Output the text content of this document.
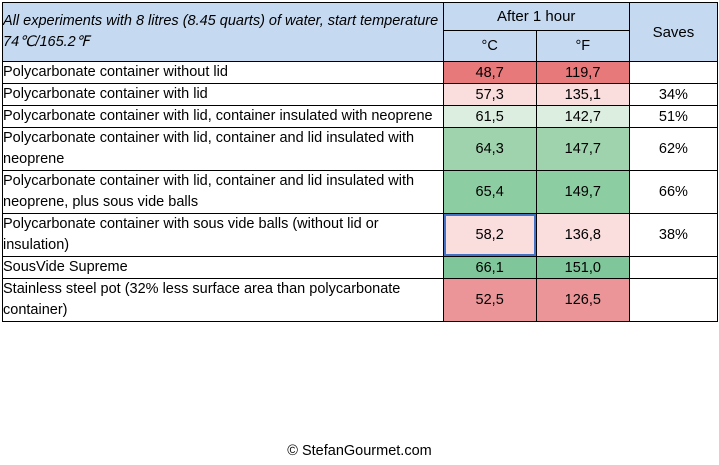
All experiments with 8 litres (8.45 quarts) of water, start temperature 74℃/165.2℉	After 1 hour		Saves
	°C	°F	
Polycarbonate container without lid	48,7	119,7	
Polycarbonate container with lid	57,3	135,1	34%
Polycarbonate container with lid, container insulated with neoprene	61,5	142,7	51%
Polycarbonate container with lid, container and lid insulated with neoprene	64,3	147,7	62%
Polycarbonate container with lid, container and lid insulated with neoprene, plus sous vide balls	65,4	149,7	66%
Polycarbonate container with sous vide balls (without lid or insulation)	58,2	136,8	38%
SousVide Supreme	66,1	151,0	
Stainless steel pot (32% less surface area than polycarbonate container)	52,5	126,5	
© StefanGourmet.com
